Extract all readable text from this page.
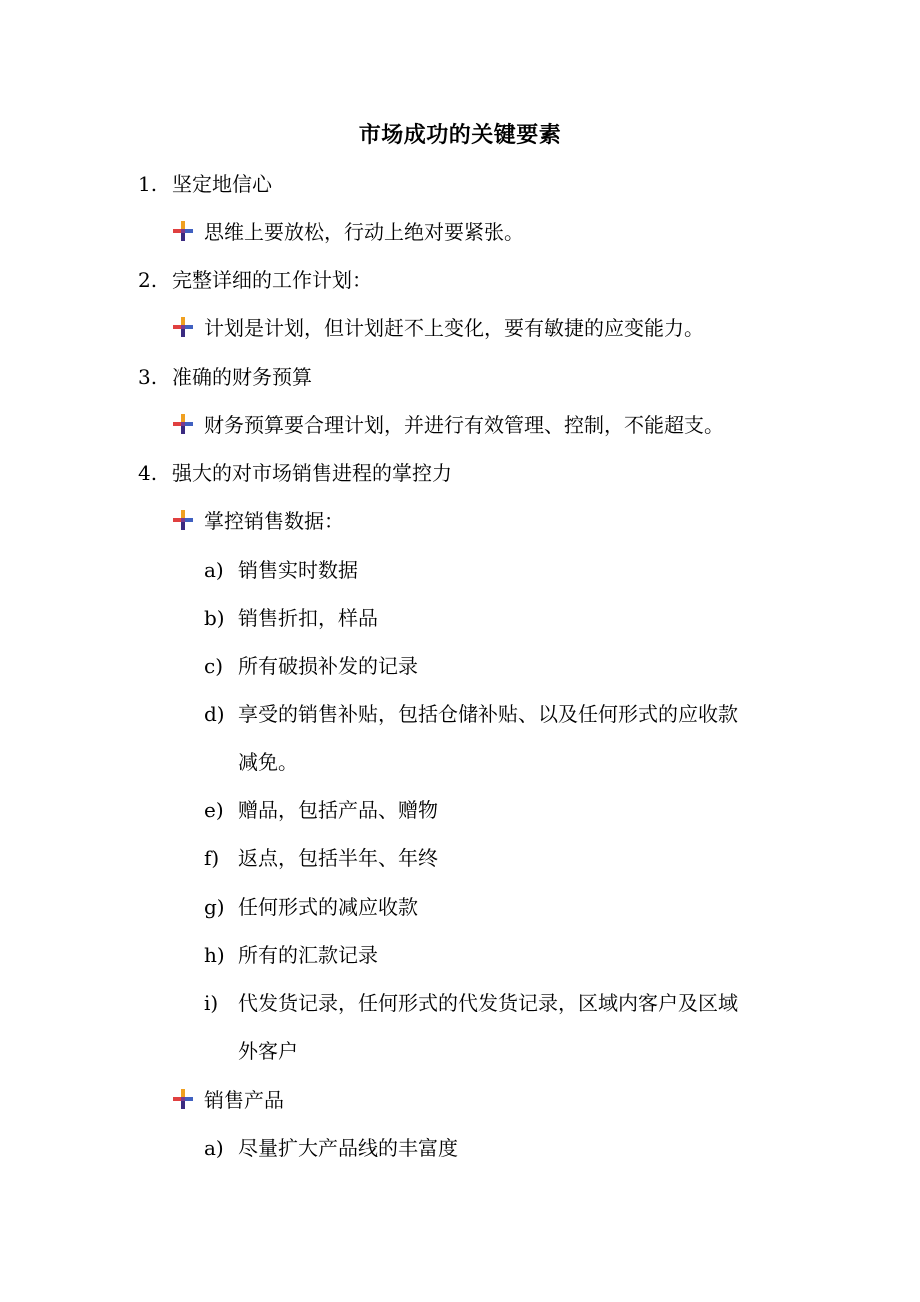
市场成功的关键要素
1. 坚定地信心
思维上要放松，行动上绝对要紧张。
2. 完整详细的工作计划：
计划是计划，但计划赶不上变化，要有敏捷的应变能力。
3. 准确的财务预算
财务预算要合理计划，并进行有效管理、控制，不能超支。
4. 强大的对市场销售进程的掌控力
掌控销售数据：
a) 销售实时数据
b) 销售折扣，样品
c) 所有破损补发的记录
d) 享受的销售补贴，包括仓储补贴、以及任何形式的应收款
减免。
e) 赠品，包括产品、赠物
f) 返点，包括半年、年终
g) 任何形式的减应收款
h) 所有的汇款记录
i) 代发货记录，任何形式的代发货记录，区域内客户及区域
外客户
销售产品
a) 尽量扩大产品线的丰富度
